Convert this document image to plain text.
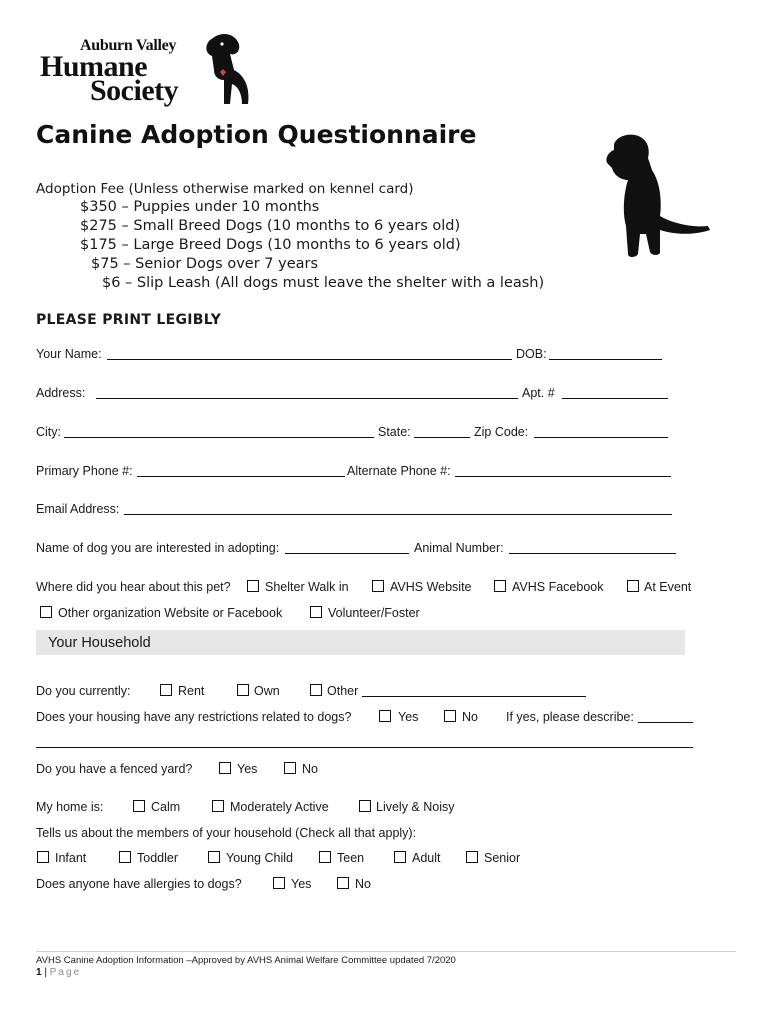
Auburn Valley
Humane
Society
Canine Adoption Questionnaire
Adoption Fee (Unless otherwise marked on kennel card)
$350 – Puppies under 10 months
$275 – Small Breed Dogs (10 months to 6 years old)
$175 – Large Breed Dogs (10 months to 6 years old)
$75 – Senior Dogs over 7 years
$6 – Slip Leash (All dogs must leave the shelter with a leash)
PLEASE PRINT LEGIBLY
Your Name:	DOB:
Address:	Apt. #
City:	State:	Zip Code:
Primary Phone #:	Alternate Phone #:
Email Address:
Name of dog you are interested in adopting:	Animal Number:
Where did you hear about this pet?	Shelter Walk in	AVHS Website	AVHS Facebook	At Event
Other organization Website or Facebook	Volunteer/Foster
Your Household
Do you currently:	Rent	Own	Other
Does your housing have any restrictions related to dogs?	Yes	No If yes, please describe:
Do you have a fenced yard?	Yes	No
My home is:	Calm	Moderately Active	Lively & Noisy
Tells us about the members of your household (Check all that apply):
Infant	Toddler	Young Child	Teen	Adult	Senior
Does anyone have allergies to dogs?	Yes	No
AVHS Canine Adoption Information –Approved by AVHS Animal Welfare Committee updated 7/2020
1 | Page
